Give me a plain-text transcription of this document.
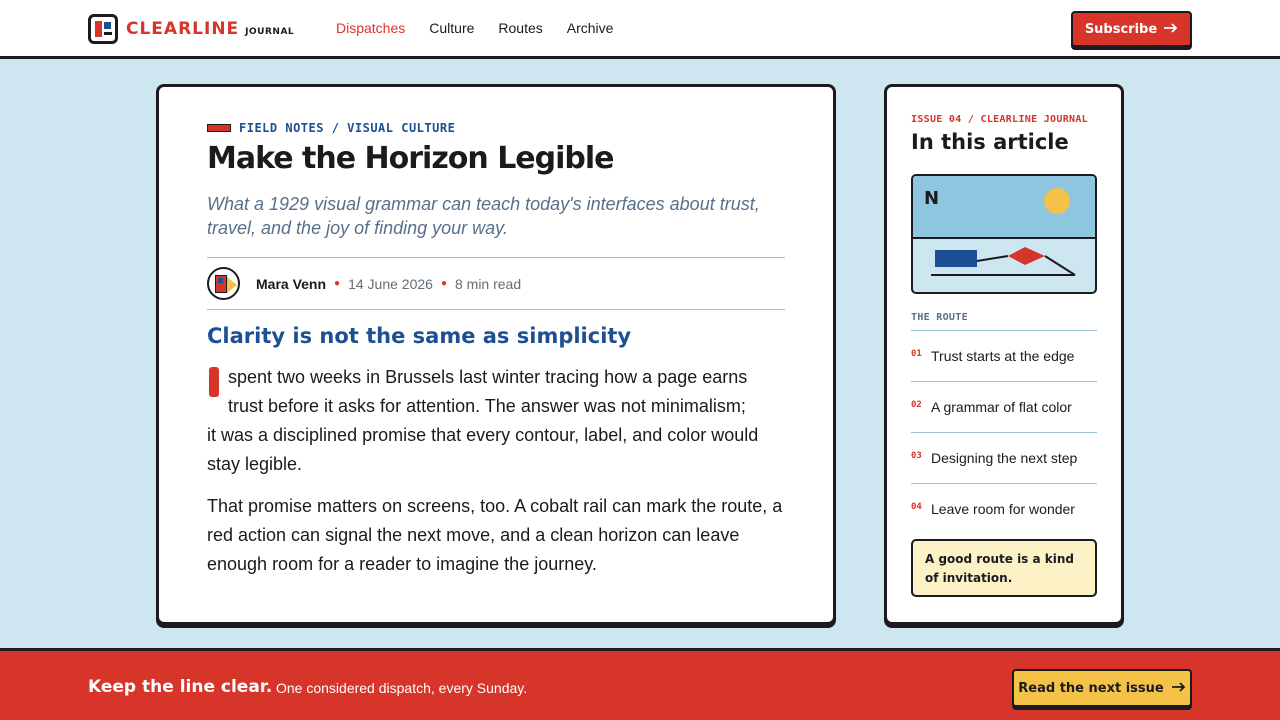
CLEARLINE JOURNAL	Dispatches Culture Routes Archive	Subscribe
FIELD NOTES / VISUAL CULTURE
Make the Horizon Legible

What a 1929 visual grammar can teach today's interfaces about trust, travel, and the joy of finding your way.

Mara Venn ● 14 June 2026 ● 8 min read
Clarity is not the same as simplicity

spent two weeks in Brussels last winter tracing how a page earns
trust before it asks for attention. The answer was not minimalism;
it was a disciplined promise that every contour, label, and color would
stay legible.

That promise matters on screens, too. A cobalt rail can mark the route, a red action can signal the next move, and a clean horizon can leave enough room for a reader to imagine the journey.

ISSUE 04 / CLEARLINE JOURNAL
In this article
N
THE ROUTE
01 Trust starts at the edge
02 A grammar of flat color
03 Designing the next step
04 Leave room for wonder
A good route is a kind of invitation.
Keep the line clear. One considered dispatch, every Sunday.	Read the next issue
